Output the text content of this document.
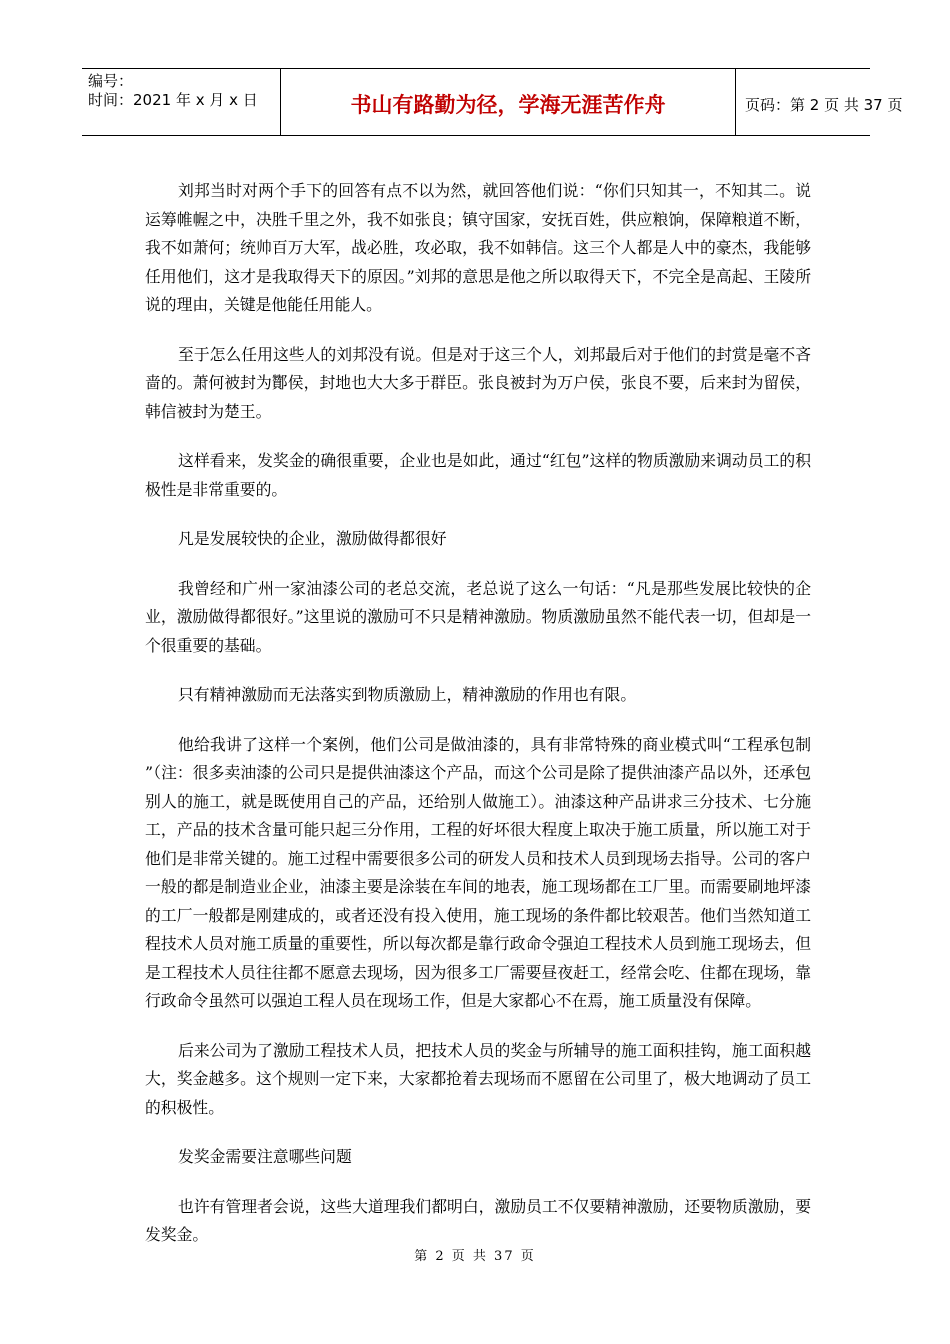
编号：
时间：2021 年 x 月 x 日	书山有路勤为径，学海无涯苦作舟	页码：第 2 页 共 37 页

刘邦当时对两个手下的回答有点不以为然，就回答他们说：“你们只知其一，不知其二。说运筹帷幄之中，决胜千里之外，我不如张良；镇守国家，安抚百姓，供应粮饷，保障粮道不断，我不如萧何；统帅百万大军，战必胜，攻必取，我不如韩信。这三个人都是人中的豪杰，我能够任用他们，这才是我取得天下的原因。”刘邦的意思是他之所以取得天下，不完全是高起、王陵所说的理由，关键是他能任用能人。

至于怎么任用这些人的刘邦没有说。但是对于这三个人，刘邦最后对于他们的封赏是毫不吝啬的。萧何被封为酇侯，封地也大大多于群臣。张良被封为万户侯，张良不要，后来封为留侯，韩信被封为楚王。

这样看来，发奖金的确很重要，企业也是如此，通过“红包”这样的物质激励来调动员工的积极性是非常重要的。

凡是发展较快的企业，激励做得都很好

我曾经和广州一家油漆公司的老总交流，老总说了这么一句话：“凡是那些发展比较快的企业，激励做得都很好。”这里说的激励可不只是精神激励。物质激励虽然不能代表一切，但却是一个很重要的基础。

只有精神激励而无法落实到物质激励上，精神激励的作用也有限。

他给我讲了这样一个案例，他们公司是做油漆的，具有非常特殊的商业模式叫“工程承包制 ”（注：很多卖油漆的公司只是提供油漆这个产品，而这个公司是除了提供油漆产品以外，还承包别人的施工，就是既使用自己的产品，还给别人做施工）。油漆这种产品讲求三分技术、七分施工，产品的技术含量可能只起三分作用，工程的好坏很大程度上取决于施工质量，所以施工对于他们是非常关键的。施工过程中需要很多公司的研发人员和技术人员到现场去指导。公司的客户一般的都是制造业企业，油漆主要是涂装在车间的地表，施工现场都在工厂里。而需要刷地坪漆的工厂一般都是刚建成的，或者还没有投入使用，施工现场的条件都比较艰苦。他们当然知道工程技术人员对施工质量的重要性，所以每次都是靠行政命令强迫工程技术人员到施工现场去，但是工程技术人员往往都不愿意去现场，因为很多工厂需要昼夜赶工，经常会吃、住都在现场，靠行政命令虽然可以强迫工程人员在现场工作，但是大家都心不在焉，施工质量没有保障。

后来公司为了激励工程技术人员，把技术人员的奖金与所辅导的施工面积挂钩，施工面积越大，奖金越多。这个规则一定下来，大家都抢着去现场而不愿留在公司里了，极大地调动了员工的积极性。

发奖金需要注意哪些问题

也许有管理者会说，这些大道理我们都明白，激励员工不仅要精神激励，还要物质激励，要发奖金。

第 2 页 共 37 页
